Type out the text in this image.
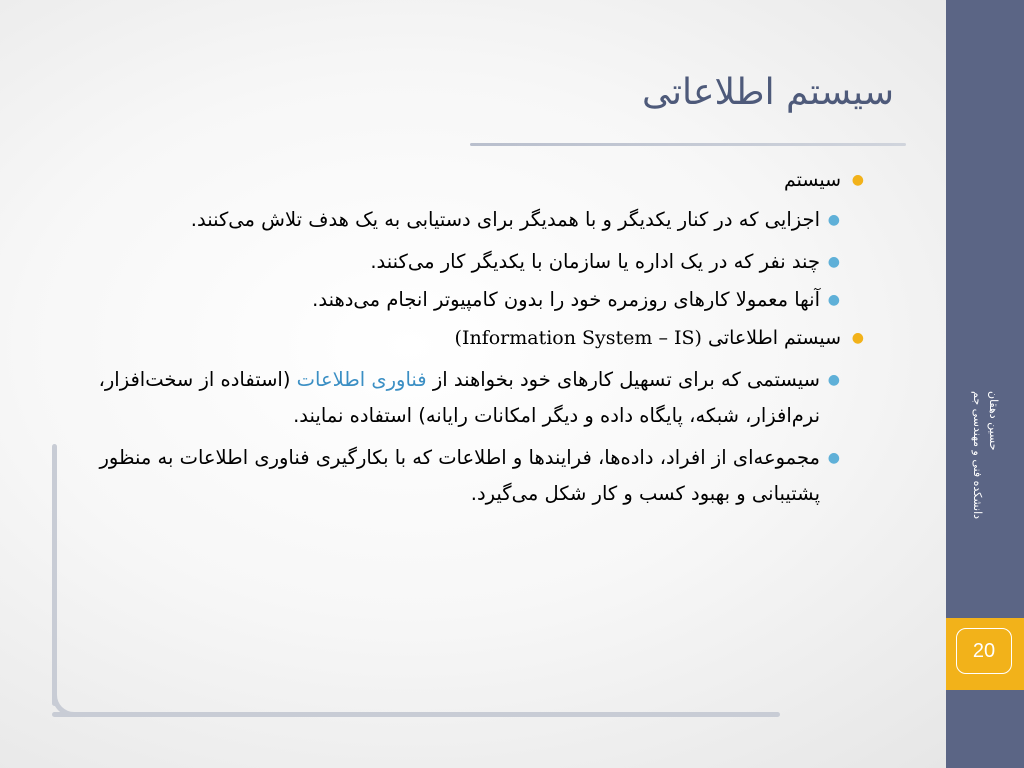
حسین دهقان
دانشکده فنی و مهندسی جم
20
سیستم اطلاعاتی
●
سیستم
●
اجزایی که در کنار یکدیگر و با همدیگر برای دستیابی به یک هدف تلاش می‌کنند.
●
چند نفر که در یک اداره یا سازمان با یکدیگر کار می‌کنند.
●
آنها معمولا کارهای روزمره خود را بدون کامپیوتر انجام می‌دهند.
●
سیستم اطلاعاتی (Information System – IS)
●
سیستمی که برای تسهیل کارهای خود بخواهند از فناوری اطلاعات (استفاده از سخت‌افزار، نرم‌افزار، شبکه، پایگاه داده و دیگر امکانات رایانه) استفاده نمایند.
●
مجموعه‌ای از افراد، داده‌ها، فرایندها و اطلاعات که با بکارگیری فناوری اطلاعات به منظور پشتیبانی و بهبود کسب و کار شکل می‌گیرد.
